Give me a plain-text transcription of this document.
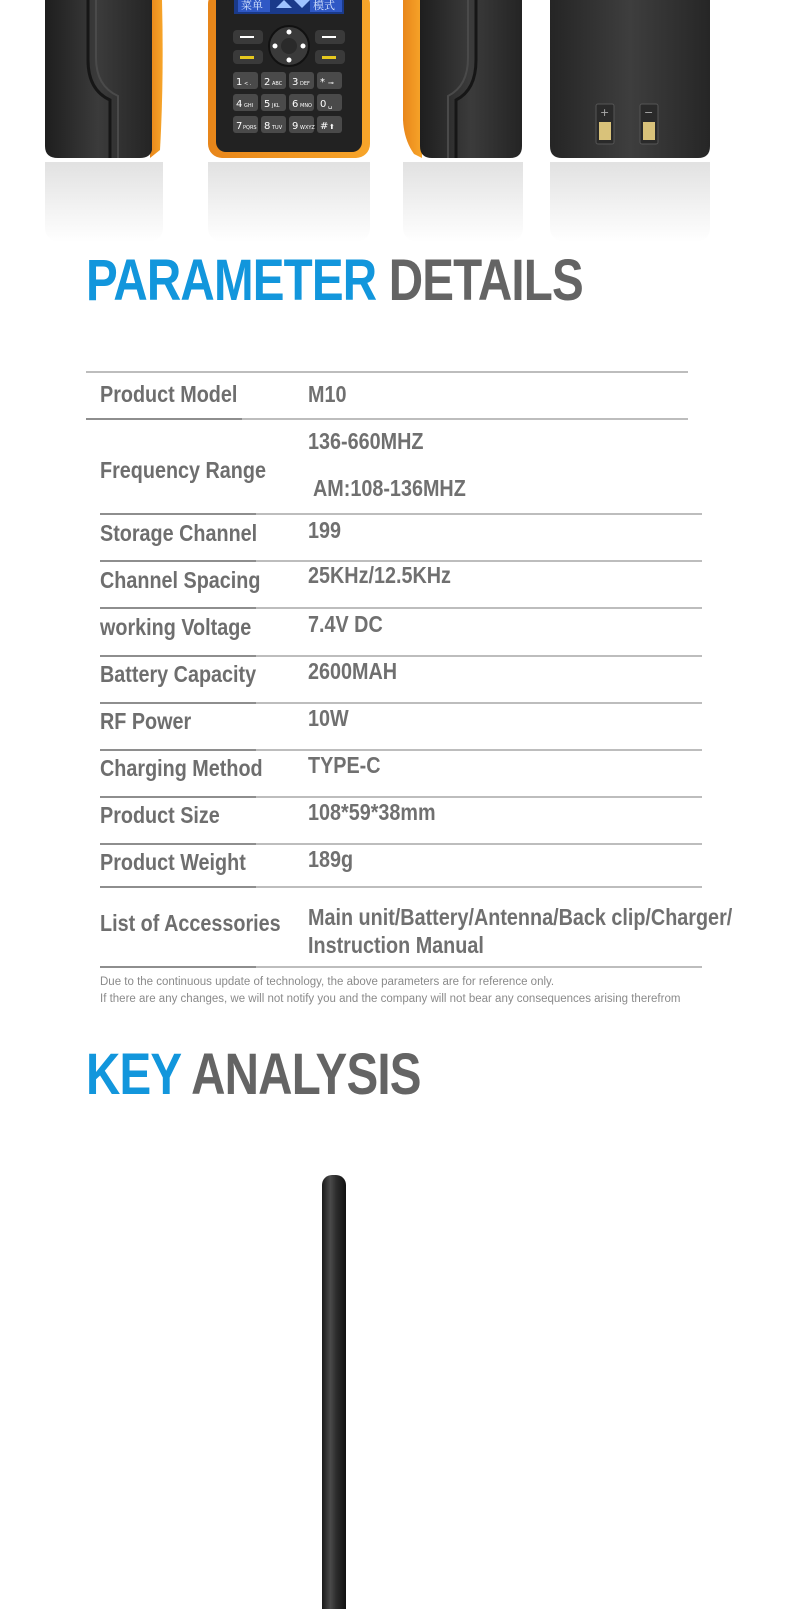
菜单	模式
1 < . 2 ABC 3 DEF * ⊸
4 GHI 5 JKL 6 MNO 0 ␣
7 PQRS 8 TUV 9 WXYZ # ⬆
+	−
PARAMETER DETAILS
Product Model	M10
Frequency Range
136-660MHZ
AM:108-136MHZ
Storage Channel 199
Channel Spacing 25KHz/12.5KHz
working Voltage 7.4V DC
Battery Capacity 2600MAH
RF Power	10W
Charging Method TYPE-C
Product Size	108*59*38mm
Product Weight	189g
List of Accessories Main unit/Battery/Antenna/Back clip/Charger/
Instruction Manual
Due to the continuous update of technology, the above parameters are for reference only.
If there are any changes, we will not notify you and the company will not bear any consequences arising therefrom
KEY ANALYSIS
